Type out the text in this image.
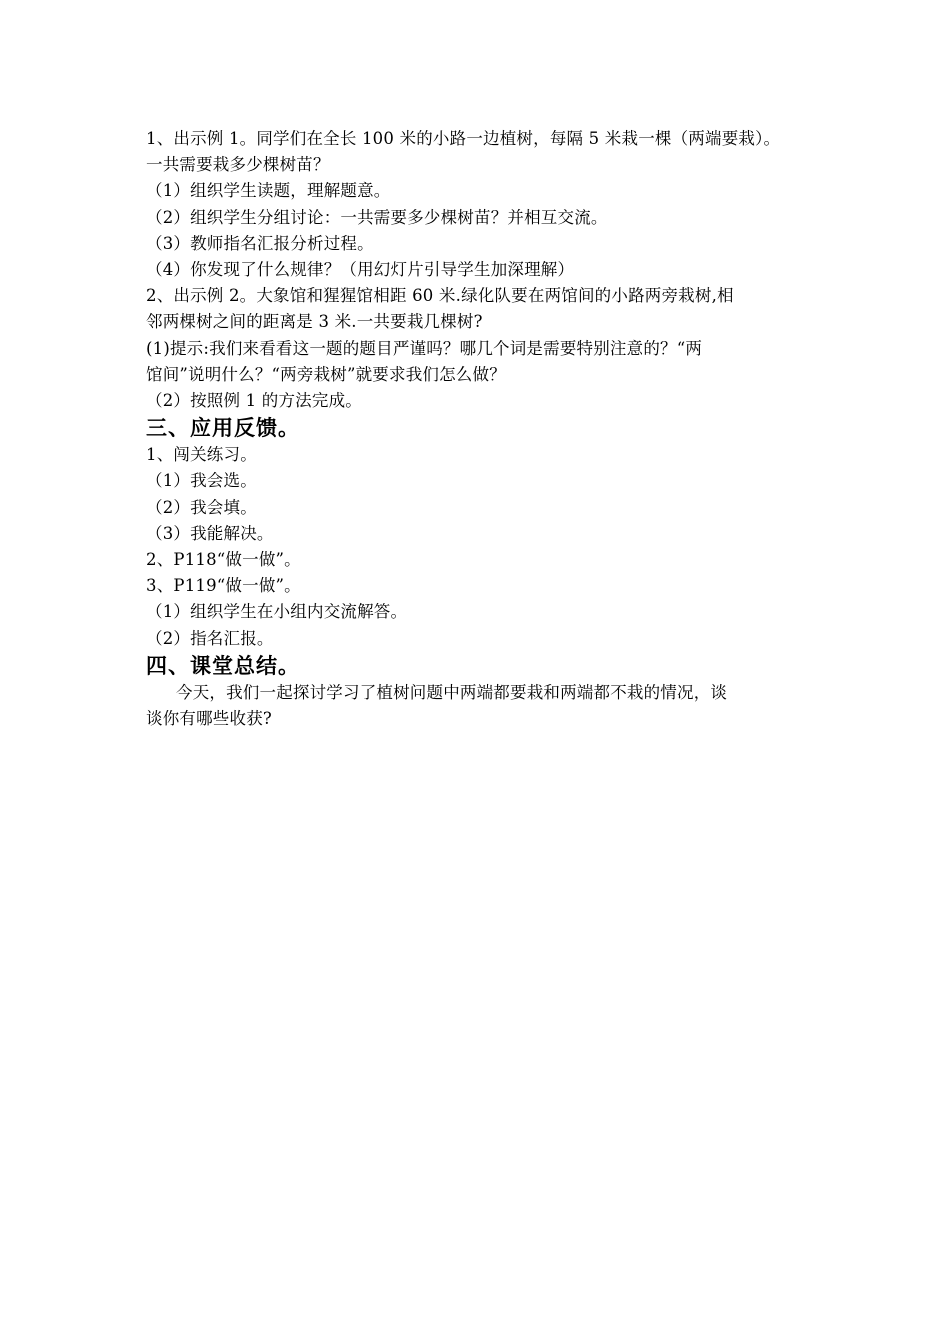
1、出示例 1。同学们在全长 100 米的小路一边植树，每隔 5 米栽一棵（两端要栽）。
一共需要栽多少棵树苗？
（1）组织学生读题，理解题意。
（2）组织学生分组讨论：一共需要多少棵树苗？并相互交流。
（3）教师指名汇报分析过程。
（4）你发现了什么规律？（用幻灯片引导学生加深理解）
2、出示例 2。大象馆和猩猩馆相距 60 米.绿化队要在两馆间的小路两旁栽树,相
邻两棵树之间的距离是 3 米.一共要栽几棵树?
(1)提示:我们来看看这一题的题目严谨吗？哪几个词是需要特别注意的？“两
馆间”说明什么？“两旁栽树”就要求我们怎么做？
（2）按照例 1 的方法完成。
三、应用反馈。
1、闯关练习。
（1）我会选。
（2）我会填。
（3）我能解决。
2、P118“做一做”。
3、P119“做一做”。
（1）组织学生在小组内交流解答。
（2）指名汇报。
四、课堂总结。
今天，我们一起探讨学习了植树问题中两端都要栽和两端都不栽的情况，谈
谈你有哪些收获?
